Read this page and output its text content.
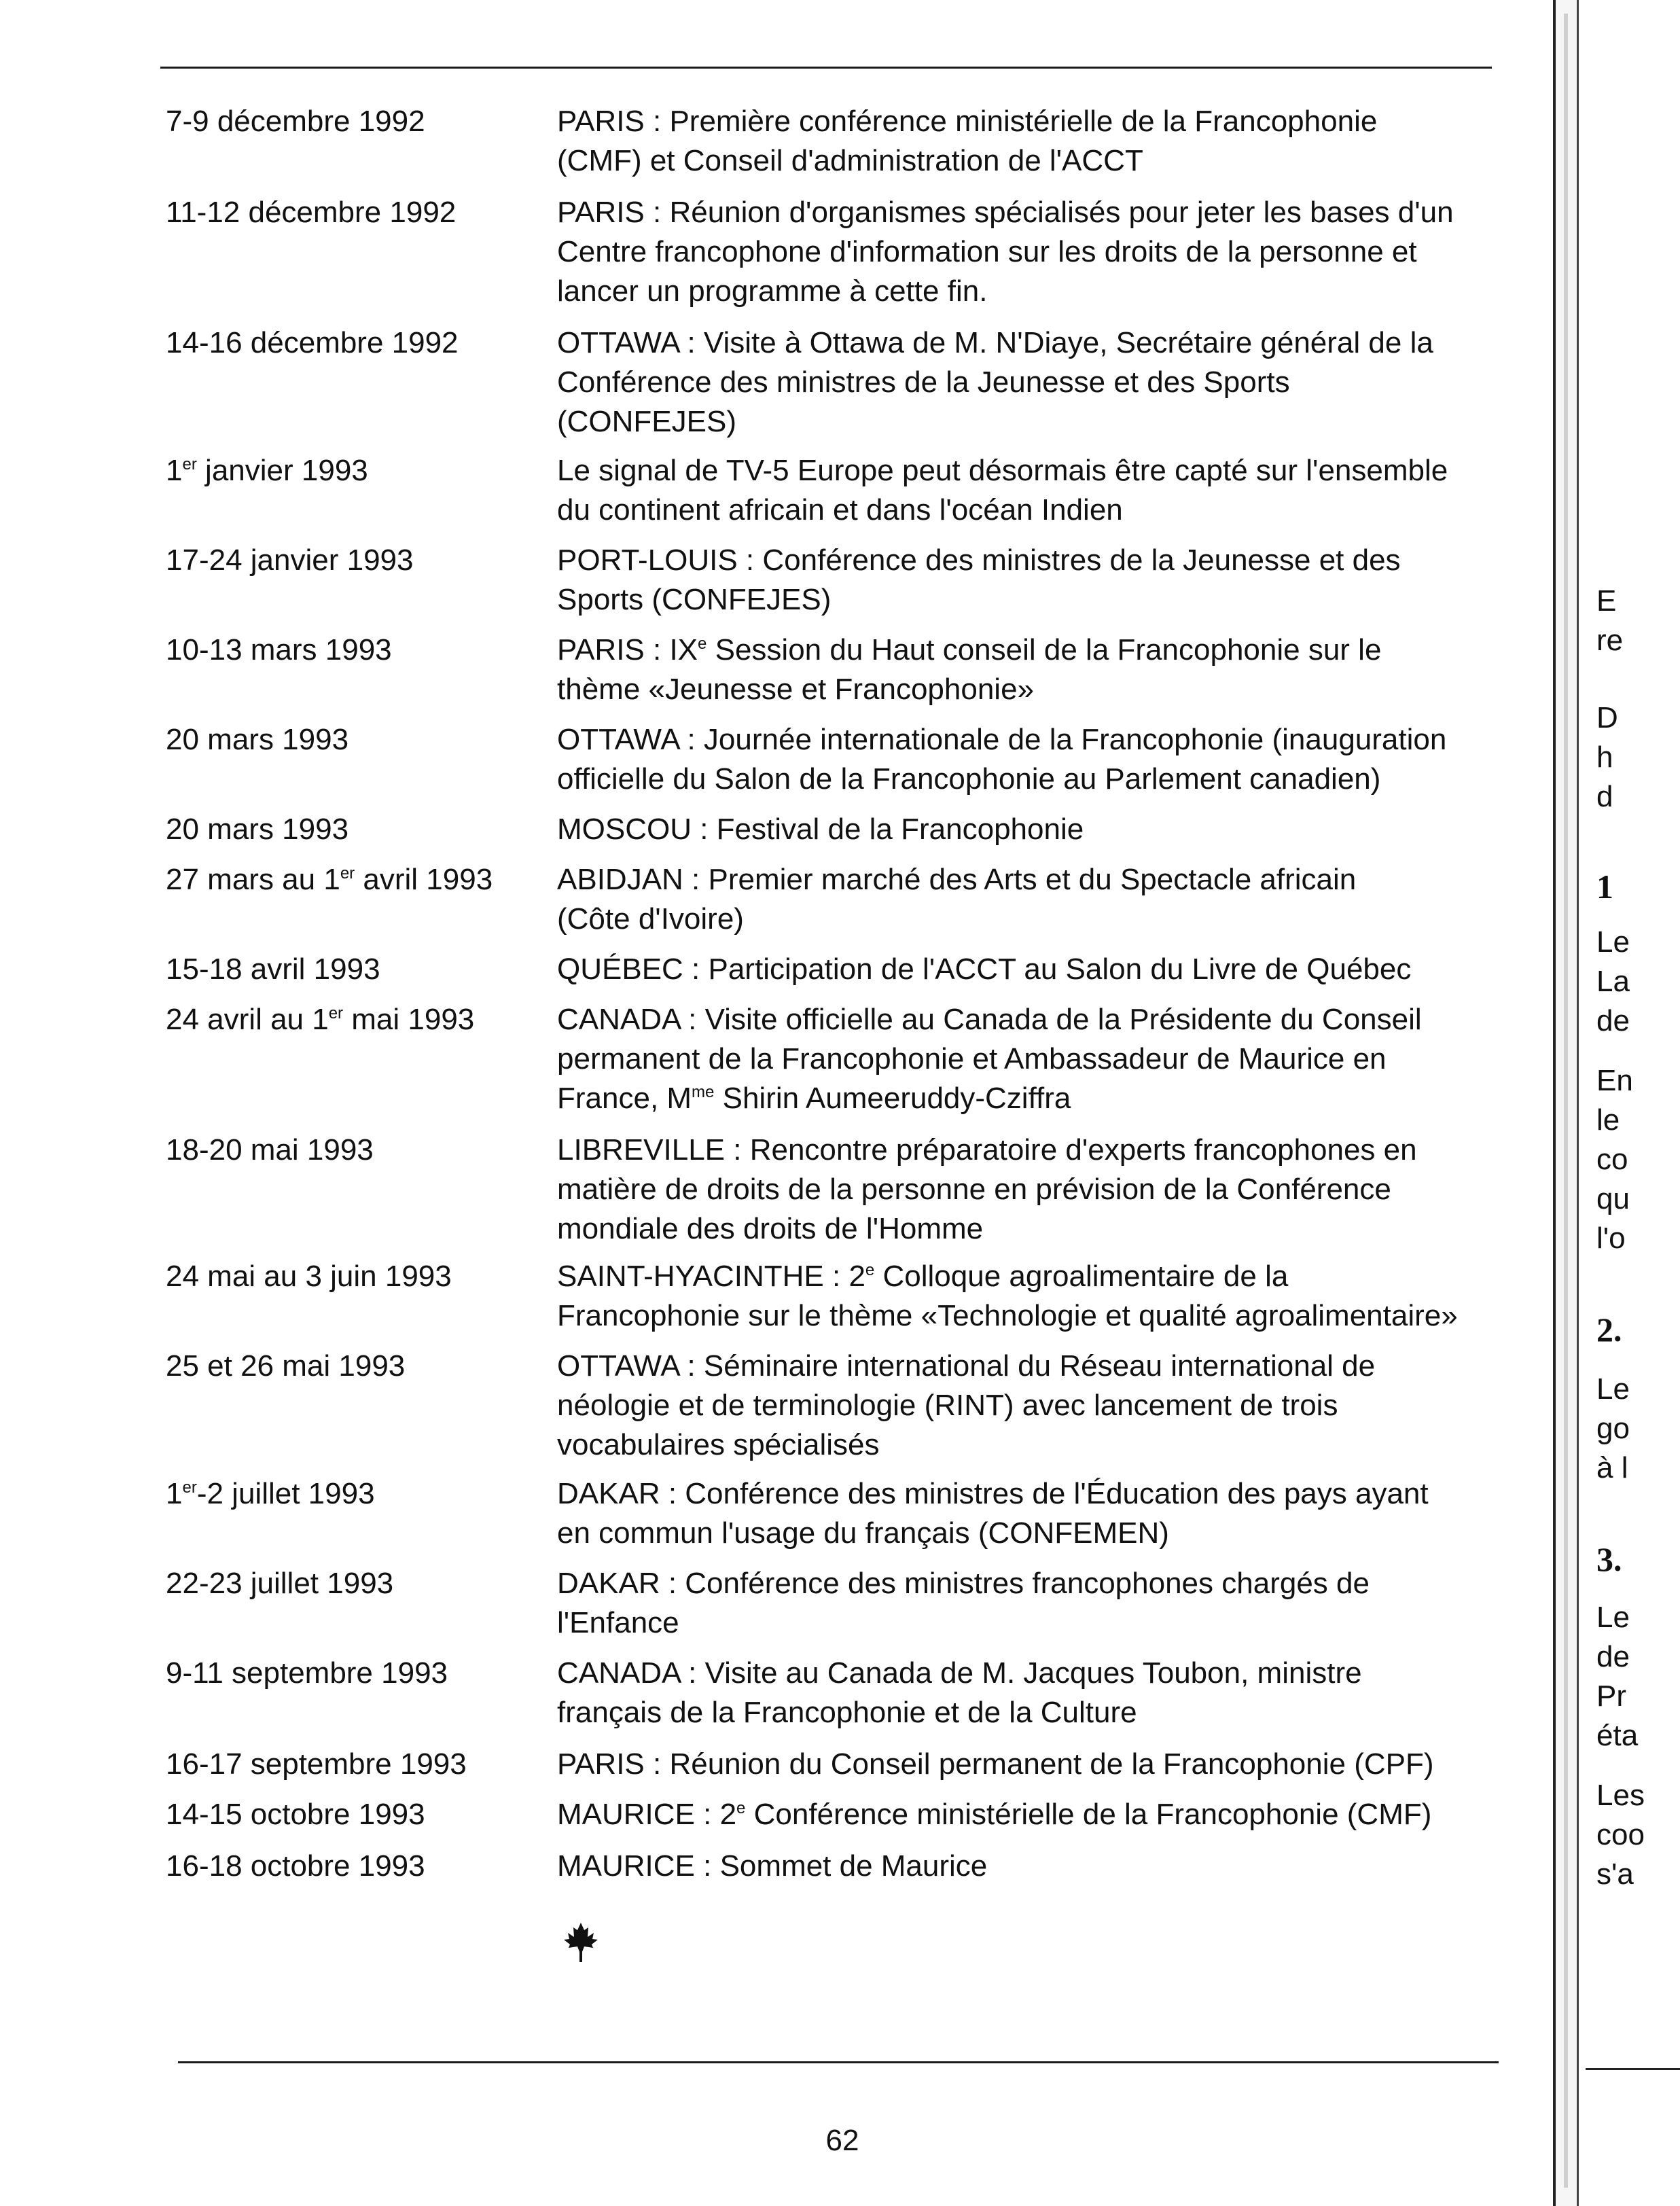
7-9 décembre 1992	PARIS : Première conférence ministérielle de la Francophonie
(CMF) et Conseil d'administration de l'ACCT
11-12 décembre 1992	PARIS : Réunion d'organismes spécialisés pour jeter les bases d'un
Centre francophone d'information sur les droits de la personne et
lancer un programme à cette fin.
14-16 décembre 1992	OTTAWA : Visite à Ottawa de M. N'Diaye, Secrétaire général de la
Conférence des ministres de la Jeunesse et des Sports
(CONFEJES)
1er janvier 1993	Le signal de TV-5 Europe peut désormais être capté sur l'ensemble
du continent africain et dans l'océan Indien
17-24 janvier 1993	PORT-LOUIS : Conférence des ministres de la Jeunesse et des
Sports (CONFEJES)
10-13 mars 1993	PARIS : IXe Session du Haut conseil de la Francophonie sur le
thème «Jeunesse et Francophonie»
20 mars 1993	OTTAWA : Journée internationale de la Francophonie (inauguration
officielle du Salon de la Francophonie au Parlement canadien)
20 mars 1993	MOSCOU : Festival de la Francophonie
27 mars au 1er avril 1993 ABIDJAN : Premier marché des Arts et du Spectacle africain
(Côte d'Ivoire)
15-18 avril 1993	QUÉBEC : Participation de l'ACCT au Salon du Livre de Québec
24 avril au 1er mai 1993	CANADA : Visite officielle au Canada de la Présidente du Conseil
permanent de la Francophonie et Ambassadeur de Maurice en
France, $M^{me}$ Shirin Aumeeruddy-Cziffra
18-20 mai 1993	LIBREVILLE : Rencontre préparatoire d'experts francophones en
matière de droits de la personne en prévision de la Conférence
mondiale des droits de l'Homme
24 mai au 3 juin 1993	SAINT-HYACINTHE : 2e Colloque agroalimentaire de la
Francophonie sur le thème «Technologie et qualité agroalimentaire»
25 et 26 mai 1993	OTTAWA : Séminaire international du Réseau international de
néologie et de terminologie (RINT) avec lancement de trois
vocabulaires spécialisés
1er-2 juillet 1993	DAKAR : Conférence des ministres de l'Éducation des pays ayant
en commun l'usage du français (CONFEMEN)
22-23 juillet 1993	DAKAR : Conférence des ministres francophones chargés de
l'Enfance
9-11 septembre 1993	CANADA : Visite au Canada de M. Jacques Toubon, ministre
français de la Francophonie et de la Culture
16-17 septembre 1993	PARIS : Réunion du Conseil permanent de la Francophonie (CPF)
14-15 octobre 1993	MAURICE : 2e Conférence ministérielle de la Francophonie (CMF)
16-18 octobre 1993	MAURICE : Sommet de Maurice
62
E
re
D
h
d
1
Le
La
de
En
le
co
qu
l'o
2.
Le
go
à l
3.
Le
de
Pr
éta
Les
coo
s'a
